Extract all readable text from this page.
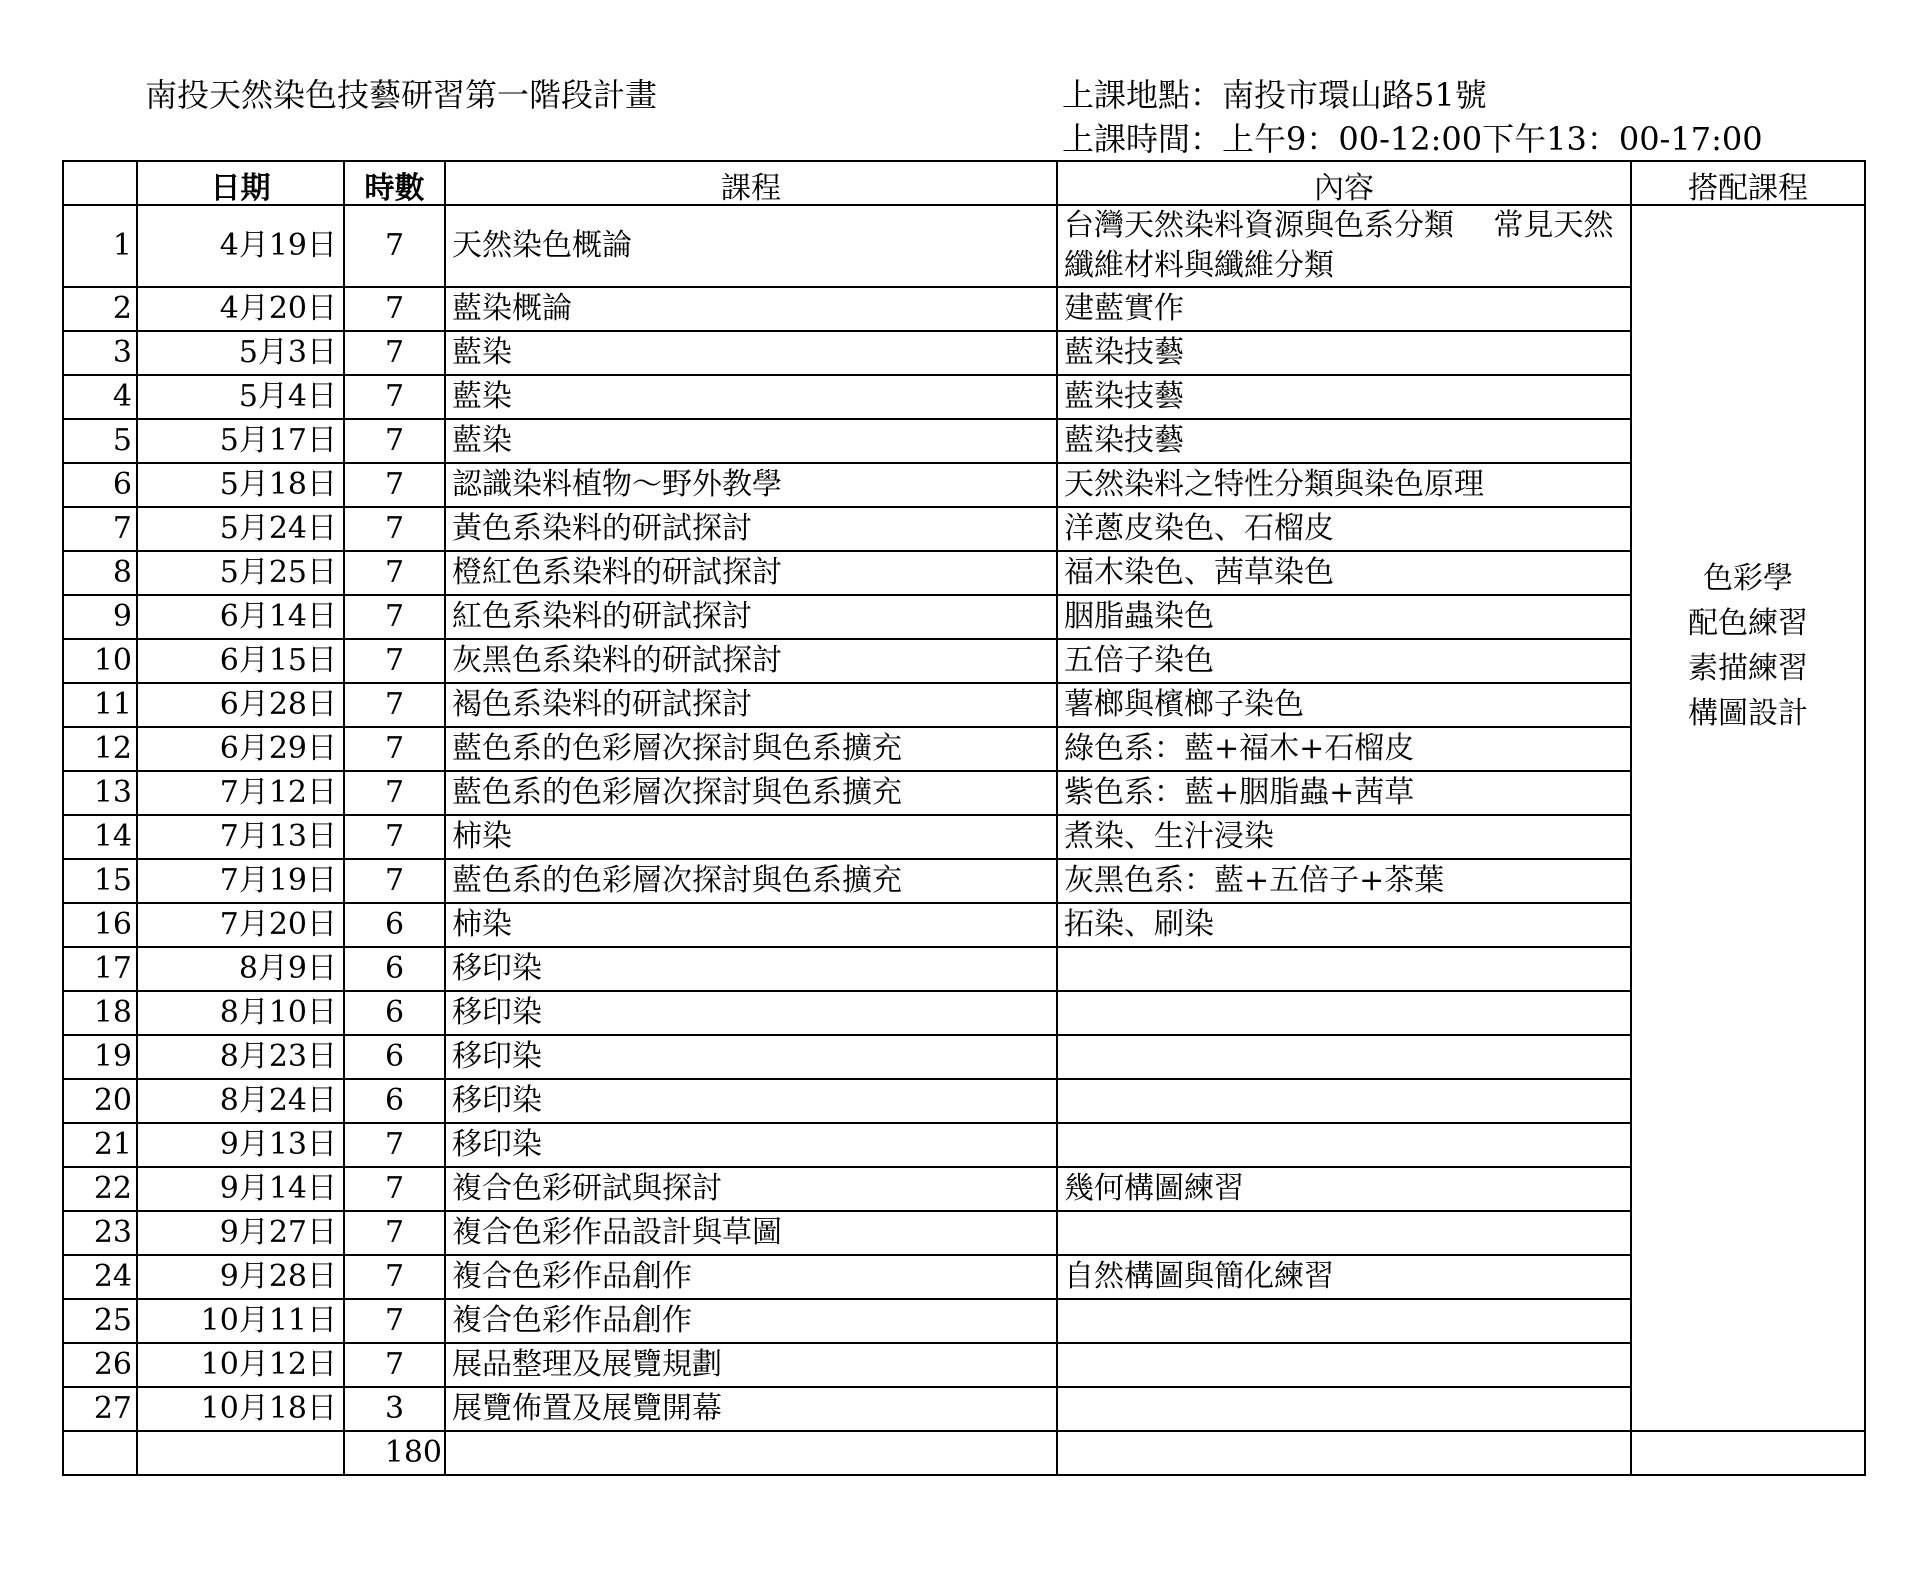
南投天然染色技藝研習第一階段計畫	上課地點：南投市環山路51號
上課時間：上午9：00-12:00下午13：00-17:00
	日期	時數	課程	內容	搭配課程
1	4月19日	7	天然染色概論	台灣天然染料資源與色系分類　 常見天然纖維材料與纖維分類	色彩學
配色練習
素描練習
構圖設計

2	4月20日	7	藍染概論	建藍實作	
3	5月3日	7	藍染	藍染技藝	
4	5月4日	7	藍染	藍染技藝	
5	5月17日	7	藍染	藍染技藝	
6	5月18日	7	認識染料植物～野外教學	天然染料之特性分類與染色原理	
7	5月24日	7	黃色系染料的研試探討	洋蔥皮染色、石榴皮	
8	5月25日	7	橙紅色系染料的研試探討	福木染色、茜草染色	
9	6月14日	7	紅色系染料的研試探討	胭脂蟲染色	
10	6月15日	7	灰黑色系染料的研試探討	五倍子染色	
11	6月28日	7	褐色系染料的研試探討	薯榔與檳榔子染色	
12	6月29日	7	藍色系的色彩層次探討與色系擴充	綠色系：藍+福木+石榴皮	
13	7月12日	7	藍色系的色彩層次探討與色系擴充	紫色系：藍+胭脂蟲+茜草	
14	7月13日	7	柿染	煮染、生汁浸染	
15	7月19日	7	藍色系的色彩層次探討與色系擴充	灰黑色系：藍+五倍子+茶葉	
16	7月20日	6	柿染	拓染、刷染	
17	8月9日	6	移印染		
18	8月10日	6	移印染		
19	8月23日	6	移印染		
20	8月24日	6	移印染		
21	9月13日	7	移印染		
22	9月14日	7	複合色彩研試與探討	幾何構圖練習	
23	9月27日	7	複合色彩作品設計與草圖		
24	9月28日	7	複合色彩作品創作	自然構圖與簡化練習	
25	10月11日	7	複合色彩作品創作		
26	10月12日	7	展品整理及展覽規劃		
27	10月18日	3	展覽佈置及展覽開幕		
		180			
